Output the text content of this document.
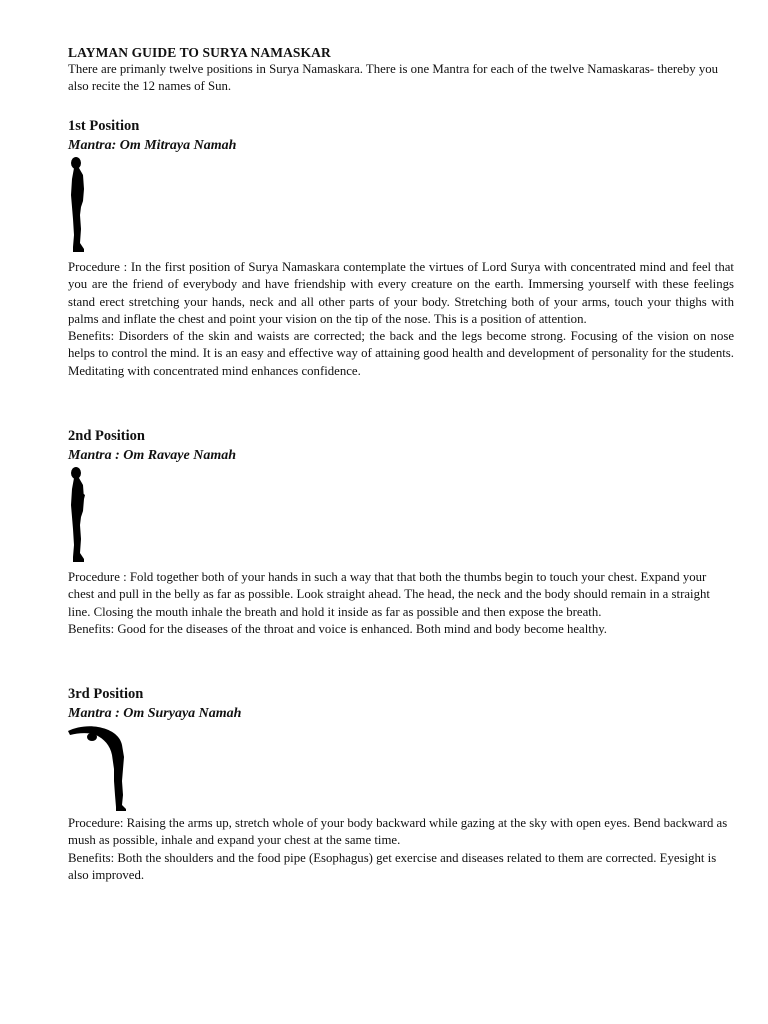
LAYMAN GUIDE TO SURYA NAMASKAR

There are primanly twelve positions in Surya Namaskara. There is one Mantra for each of the twelve Namaskaras- thereby you also recite the 12 names of Sun.

1st Position

Mantra: Om Mitraya Namah

Procedure : In the first position of Surya Namaskara contemplate the virtues of Lord Surya with concentrated mind and feel that you are the friend of everybody and have friendship with every creature on the earth. Immersing yourself with these feelings stand erect stretching your hands, neck and all other parts of your body. Stretching both of your arms, touch your thighs with palms and inflate the chest and point your vision on the tip of the nose. This is a position of attention.

Benefits: Disorders of the skin and waists are corrected; the back and the legs become strong. Focusing of the vision on nose helps to control the mind. It is an easy and effective way of attaining good health and development of personality for the students. Meditating with concentrated mind enhances confidence.

2nd Position

Mantra : Om Ravaye Namah

Procedure : Fold together both of your hands in such a way that that both the thumbs begin to touch your chest. Expand your chest and pull in the belly as far as possible. Look straight ahead. The head, the neck and the body should remain in a straight line. Closing the mouth inhale the breath and hold it inside as far as possible and then expose the breath.

Benefits: Good for the diseases of the throat and voice is enhanced. Both mind and body become healthy.

3rd Position

Mantra : Om Suryaya Namah

Procedure: Raising the arms up, stretch whole of your body backward while gazing at the sky with open eyes. Bend backward as mush as possible, inhale and expand your chest at the same time.

Benefits: Both the shoulders and the food pipe (Esophagus) get exercise and diseases related to them are corrected. Eyesight is also improved.
